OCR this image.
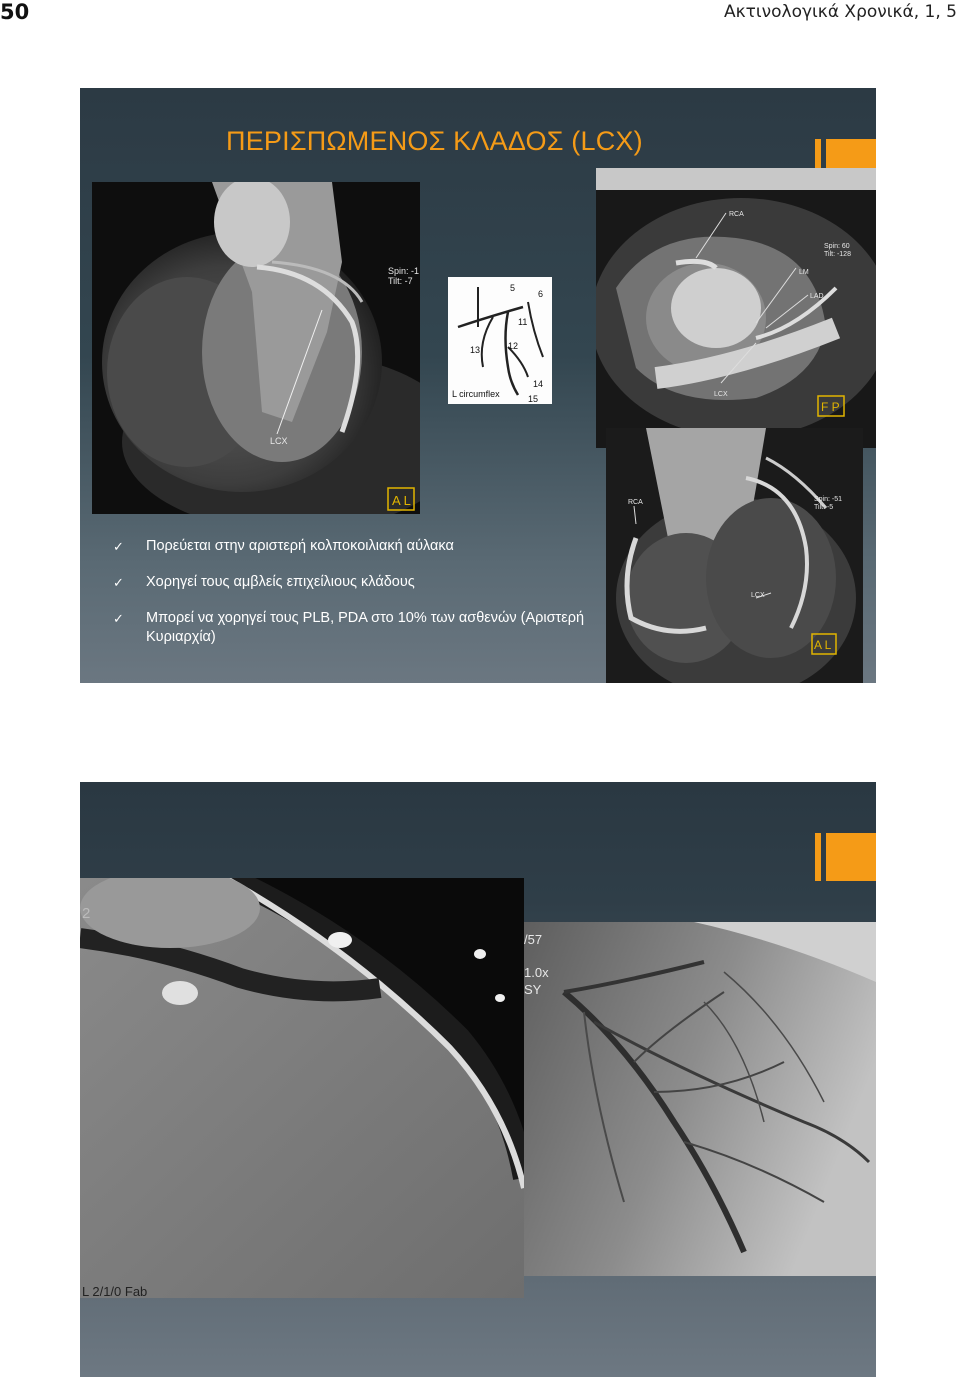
50	Ακτινολογικά Χρονικά, 1, 5
ΠΕΡΙΣΠΩΜΕΝΟΣ ΚΛΑΔΟΣ (LCX)
LCX
Spin: -1
Tilt: -7
A L
5
6
11
12
13
14
15
L circumflex
RCA
LM
LAD
LCX
Spin: 60
Tilt: -128
F P
RCA
LCX
Spin: -51
Tilt: -5
A L
✓ Πορεύεται στην αριστερή κολποκοιλιακή αύλακα
✓ Χορηγεί τους αμβλείς επιχείλιους κλάδους
✓ Μπορεί να χορηγεί τους PLB, PDA στο 10% των ασθενών (Αριστερή Κυριαρχία)
2
L 2/1/0 Fab
/57
1.0x
SY
